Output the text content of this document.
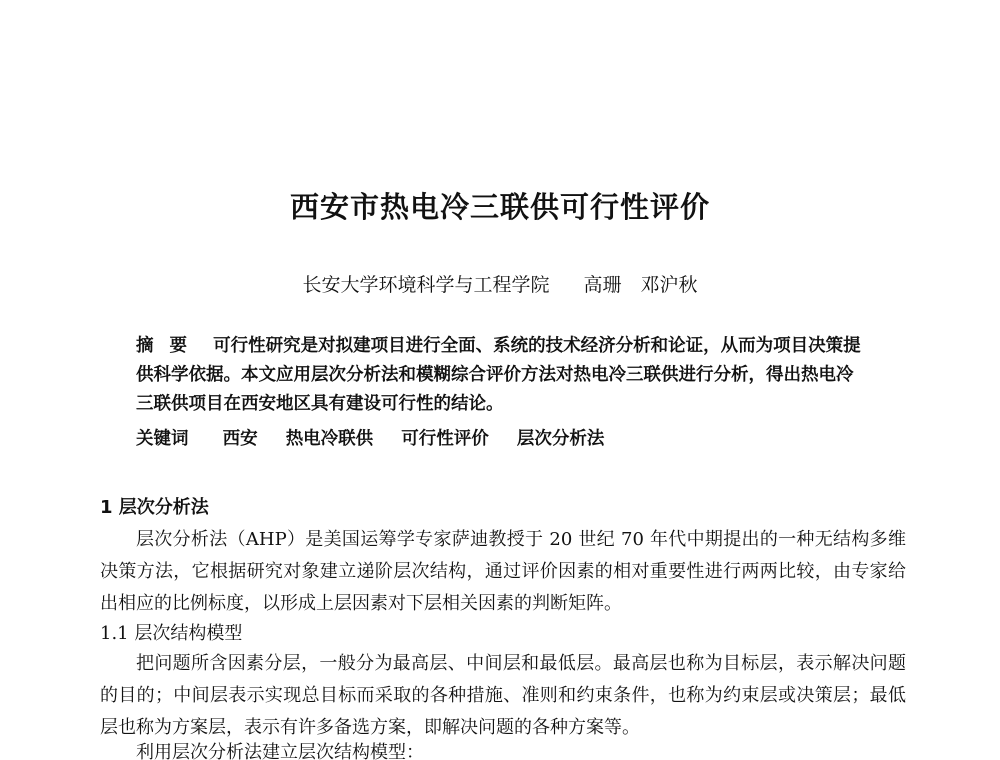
西安市热电冷三联供可行性评价
长安大学环境科学与工程学院 高珊　邓沪秋
摘要 可行性研究是对拟建项目进行全面、系统的技术经济分析和论证，从而为项目决策提供科学依据。本文应用层次分析法和模糊综合评价方法对热电冷三联供进行分析，得出热电冷三联供项目在西安地区具有建设可行性的结论。
关键词 西安 热电冷联供 可行性评价 层次分析法
1 层次分析法
层次分析法（AHP）是美国运筹学专家萨迪教授于 20 世纪 70 年代中期提出的一种无结构多维决策方法，它根据研究对象建立递阶层次结构，通过评价因素的相对重要性进行两两比较，由专家给出相应的比例标度，以形成上层因素对下层相关因素的判断矩阵。
1.1 层次结构模型
把问题所含因素分层，一般分为最高层、中间层和最低层。最高层也称为目标层，表示解决问题的目的；中间层表示实现总目标而采取的各种措施、准则和约束条件，也称为约束层或决策层；最低层也称为方案层，表示有许多备选方案，即解决问题的各种方案等。
利用层次分析法建立层次结构模型：
